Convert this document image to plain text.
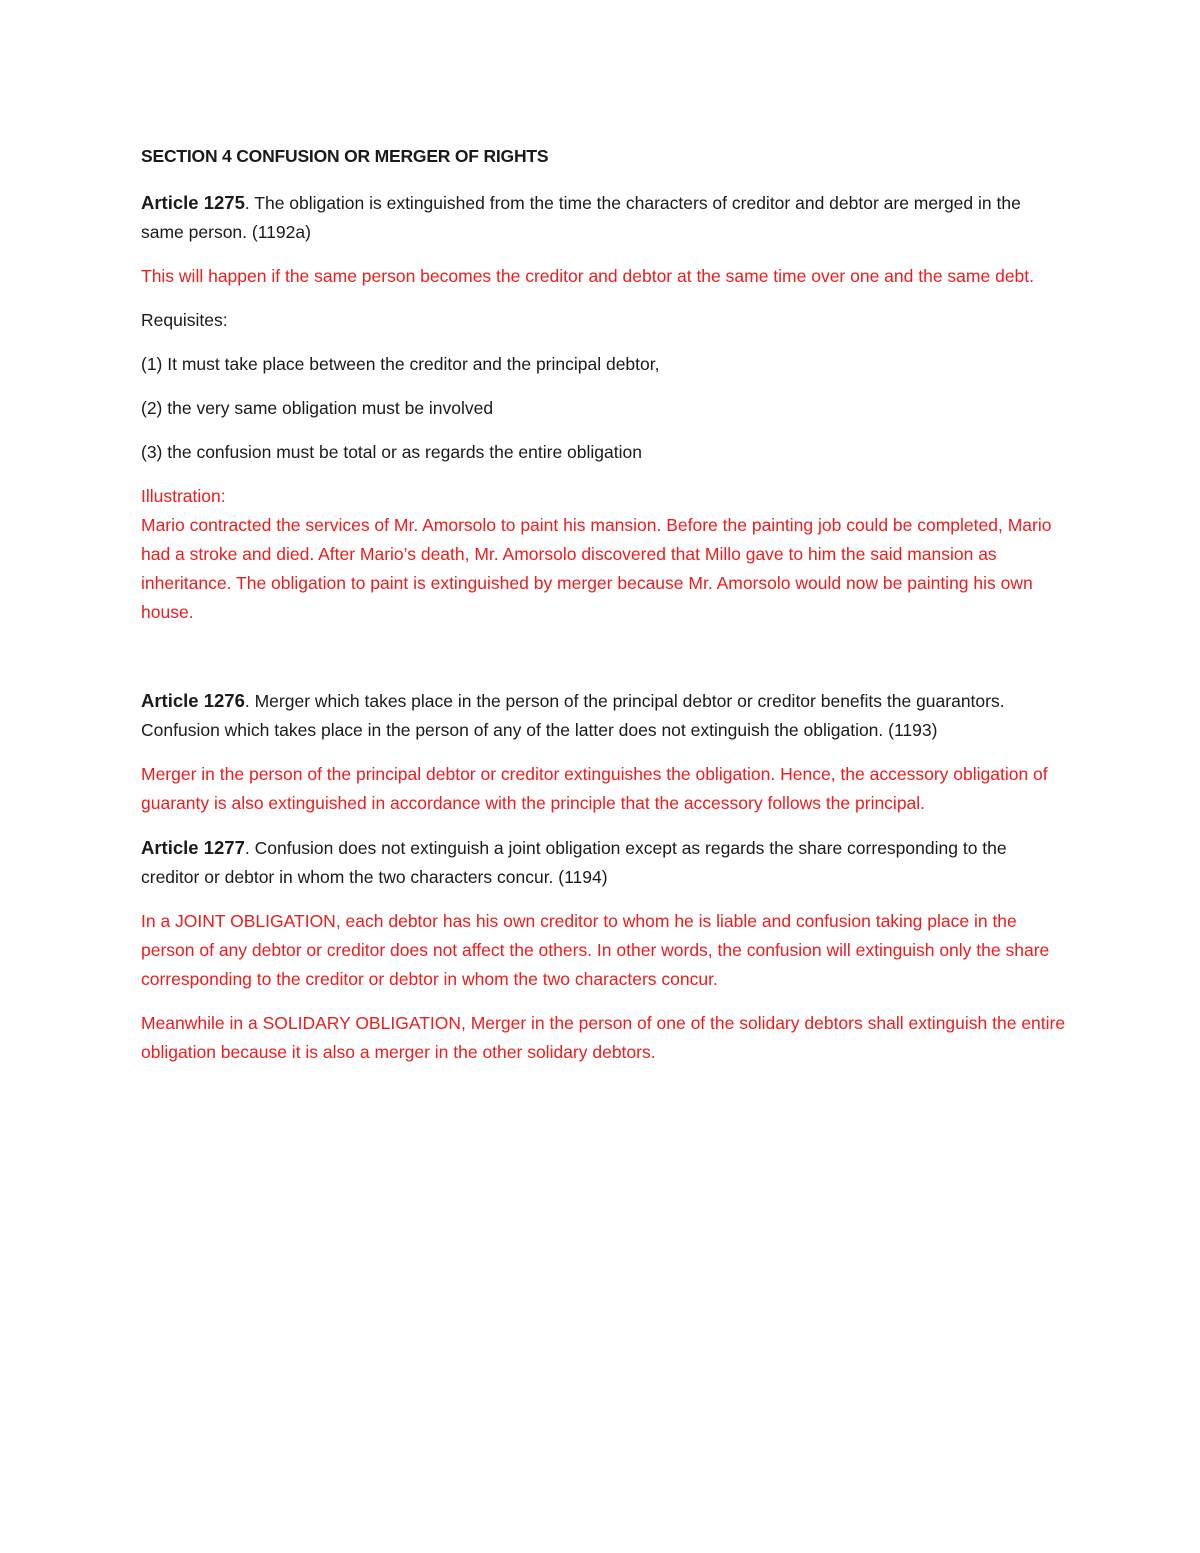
SECTION 4 CONFUSION OR MERGER OF RIGHTS

Article 1275. The obligation is extinguished from the time the characters of creditor and debtor are merged in the same person. (1192a)

This will happen if the same person becomes the creditor and debtor at the same time over one and the same debt.

Requisites:

(1) It must take place between the creditor and the principal debtor,

(2) the very same obligation must be involved

(3) the confusion must be total or as regards the entire obligation

Illustration:

Mario contracted the services of Mr. Amorsolo to paint his mansion. Before the painting job could be completed, Mario had a stroke and died. After Mario’s death, Mr. Amorsolo discovered that Millo gave to him the said mansion as inheritance. The obligation to paint is extinguished by merger because Mr. Amorsolo would now be painting his own house.

Article 1276. Merger which takes place in the person of the principal debtor or creditor benefits the guarantors. Confusion which takes place in the person of any of the latter does not extinguish the obligation. (1193)

Merger in the person of the principal debtor or creditor extinguishes the obligation. Hence, the accessory obligation of guaranty is also extinguished in accordance with the principle that the accessory follows the principal.

Article 1277. Confusion does not extinguish a joint obligation except as regards the share corresponding to the creditor or debtor in whom the two characters concur. (1194)

In a JOINT OBLIGATION, each debtor has his own creditor to whom he is liable and confusion taking place in the person of any debtor or creditor does not affect the others. In other words, the confusion will extinguish only the share corresponding to the creditor or debtor in whom the two characters concur.

Meanwhile in a SOLIDARY OBLIGATION, Merger in the person of one of the solidary debtors shall extinguish the entire obligation because it is also a merger in the other solidary debtors.
